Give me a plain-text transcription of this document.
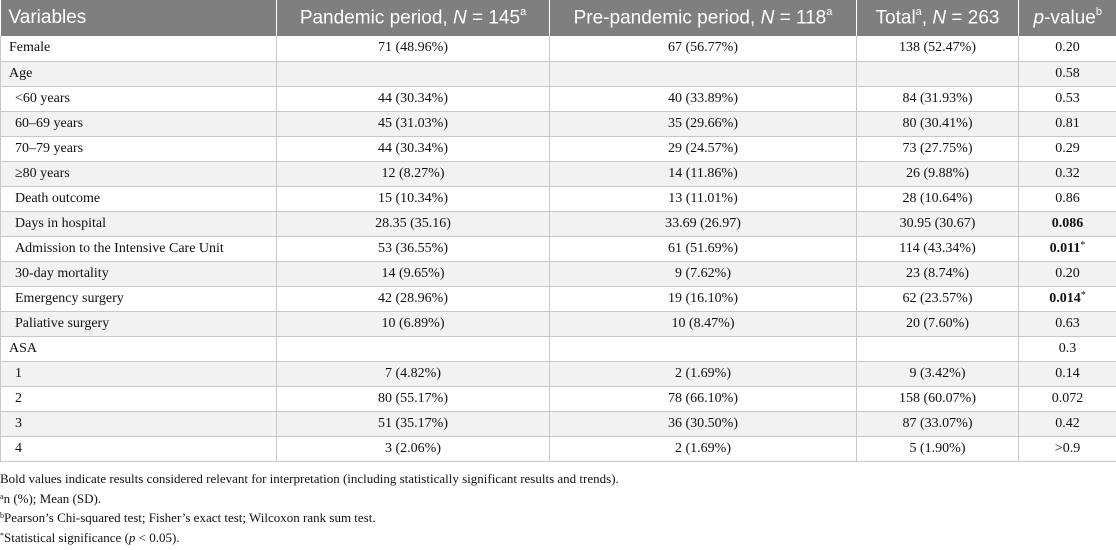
Variables	Pandemic period, $N = 145^a$	Pre-pandemic period, $N = 118^a$	Total$^a$, N = 263	p-value$^b$
Female	71 (48.96%)	67 (56.77%)	138 (52.47%)	0.20
Age				0.58
<60 years	44 (30.34%)	40 (33.89%)	84 (31.93%)	0.53
60–69 years	45 (31.03%)	35 (29.66%)	80 (30.41%)	0.81
70–79 years	44 (30.34%)	29 (24.57%)	73 (27.75%)	0.29
≥80 years	12 (8.27%)	14 (11.86%)	26 (9.88%)	0.32
Death outcome	15 (10.34%)	13 (11.01%)	28 (10.64%)	0.86
Days in hospital	28.35 (35.16)	33.69 (26.97)	30.95 (30.67)	0.086
Admission to the Intensive Care Unit	53 (36.55%)	61 (51.69%)	114 (43.34%)	0.011*
30-day mortality	14 (9.65%)	9 (7.62%)	23 (8.74%)	0.20
Emergency surgery	42 (28.96%)	19 (16.10%)	62 (23.57%)	0.014*
Paliative surgery	10 (6.89%)	10 (8.47%)	20 (7.60%)	0.63
ASA				0.3
1	7 (4.82%)	2 (1.69%)	9 (3.42%)	0.14
2	80 (55.17%)	78 (66.10%)	158 (60.07%)	0.072
3	51 (35.17%)	36 (30.50%)	87 (33.07%)	0.42
4	3 (2.06%)	2 (1.69%)	5 (1.90%)	>0.9

Bold values indicate results considered relevant for interpretation (including statistically significant results and trends).

$^a$n (%); Mean (SD).

$^b$Pearson’s Chi-squared test; Fisher’s exact test; Wilcoxon rank sum test.

*Statistical significance (p < 0.05).
